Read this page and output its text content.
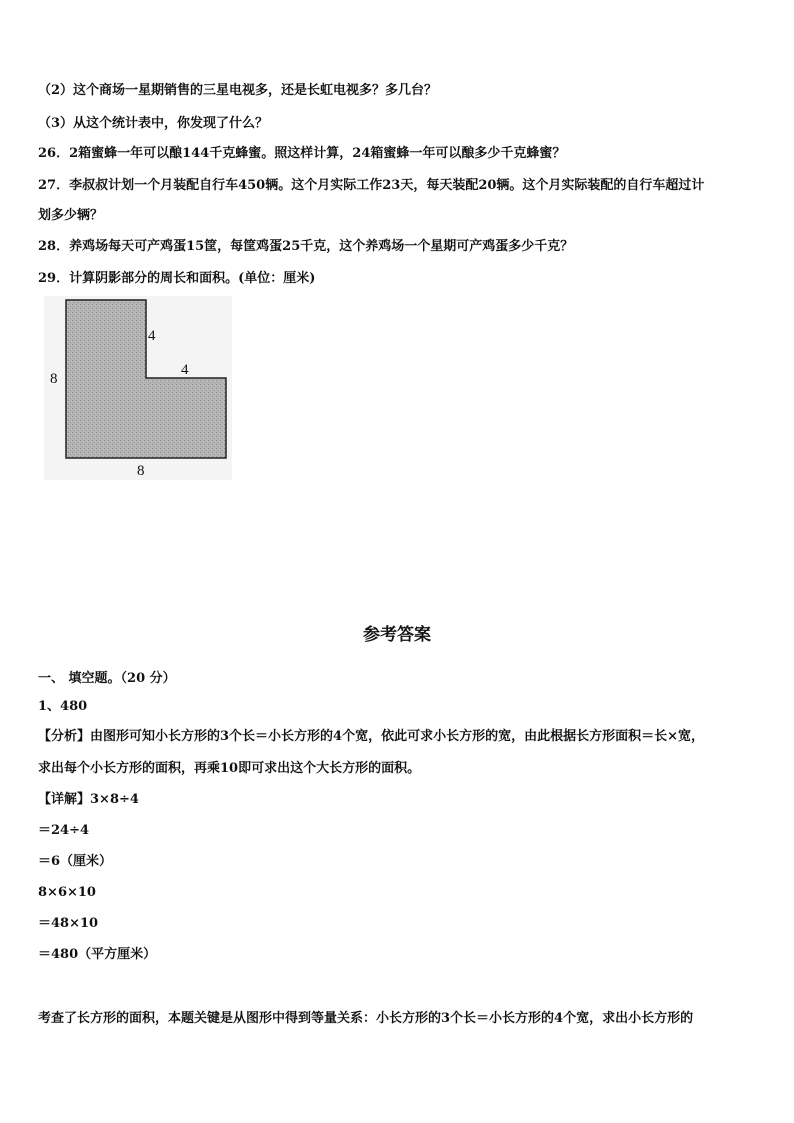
（2）这个商场一星期销售的三星电视多，还是长虹电视多？多几台？
（3）从这个统计表中，你发现了什么？
26．2箱蜜蜂一年可以酿144千克蜂蜜。照这样计算，24箱蜜蜂一年可以酿多少千克蜂蜜？
27．李叔叔计划一个月装配自行车450辆。这个月实际工作23天，每天装配20辆。这个月实际装配的自行车超过计
划多少辆？
28．养鸡场每天可产鸡蛋15筐，每筐鸡蛋25千克，这个养鸡场一个星期可产鸡蛋多少千克？
29．计算阴影部分的周长和面积。(单位：厘米)
8
4
4
8
参考答案
一、 填空题。（20 分）
1、480
【分析】由图形可知小长方形的3个长＝小长方形的4个宽，依此可求小长方形的宽，由此根据长方形面积＝长×宽，
求出每个小长方形的面积，再乘10即可求出这个大长方形的面积。
【详解】3×8÷4
＝24÷4
＝6（厘米）
8×6×10
＝48×10
＝480（平方厘米）
考查了长方形的面积，本题关键是从图形中得到等量关系：小长方形的3个长＝小长方形的4个宽，求出小长方形的
